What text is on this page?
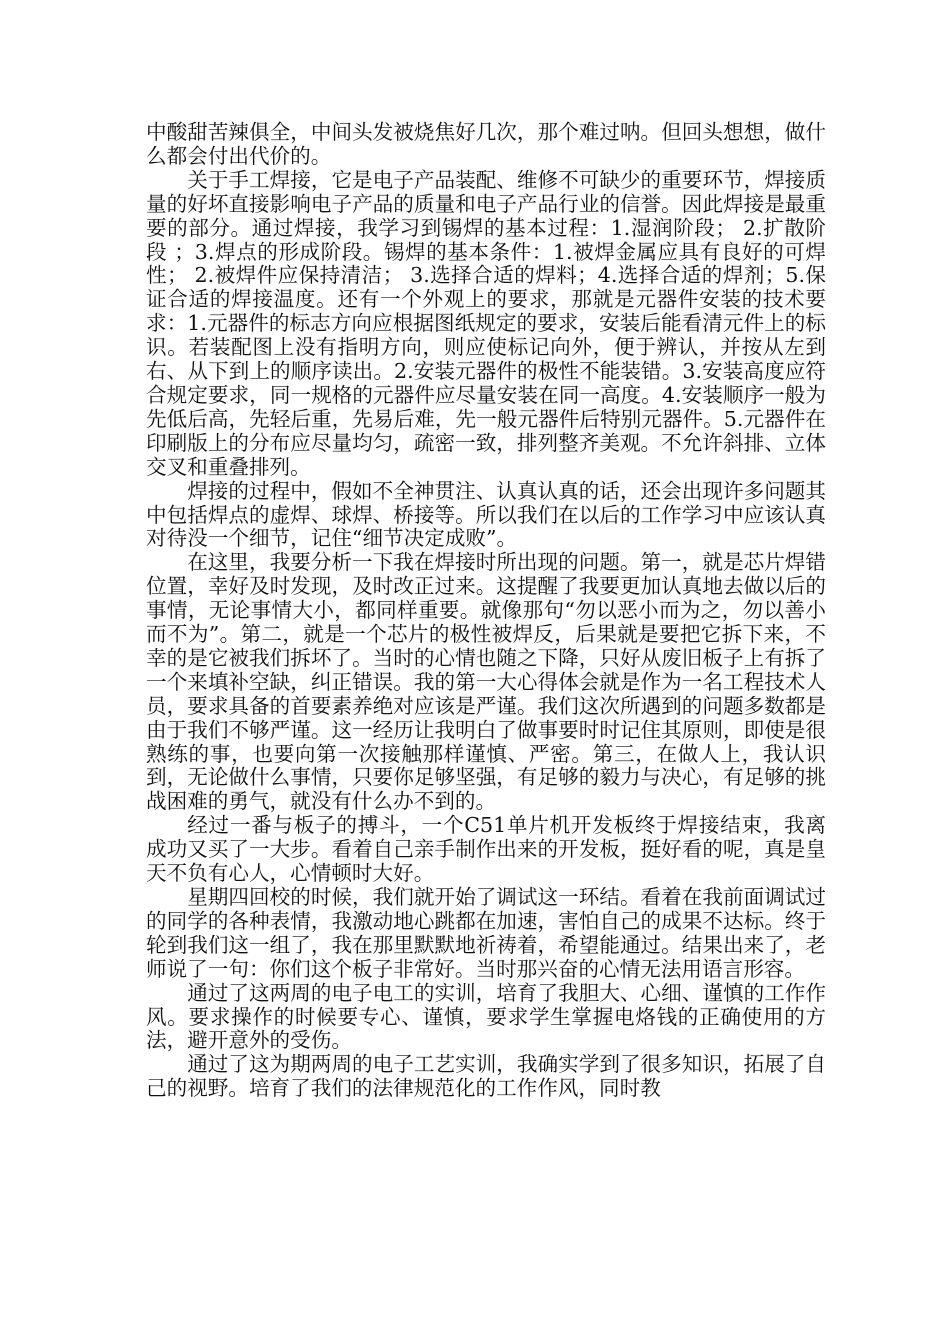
中酸甜苦辣俱全，中间头发被烧焦好几次，那个难过呐。但回头想想，做什么都会付出代价的。

关于手工焊接，它是电子产品装配、维修不可缺少的重要环节，焊接质量的好坏直接影响电子产品的质量和电子产品行业的信誉。因此焊接是最重要的部分。通过焊接，我学习到锡焊的基本过程：1.湿润阶段； 2.扩散阶段 ；3.焊点的形成阶段。锡焊的基本条件：1.被焊金属应具有良好的可焊性； 2.被焊件应保持清洁； 3.选择合适的焊料；4.选择合适的焊剂；5.保证合适的焊接温度。还有一个外观上的要求，那就是元器件安装的技术要求：1.元器件的标志方向应根据图纸规定的要求，安装后能看清元件上的标识。若装配图上没有指明方向，则应使标记向外，便于辨认，并按从左到右、从下到上的顺序读出。2.安装元器件的极性不能装错。3.安装高度应符合规定要求，同一规格的元器件应尽量安装在同一高度。4.安装顺序一般为先低后高，先轻后重，先易后难，先一般元器件后特别元器件。5.元器件在印刷版上的分布应尽量均匀，疏密一致，排列整齐美观。不允许斜排、立体交叉和重叠排列。

焊接的过程中，假如不全神贯注、认真认真的话，还会出现许多问题其中包括焊点的虚焊、球焊、桥接等。所以我们在以后的工作学习中应该认真对待没一个细节，记住“细节决定成败”。

在这里，我要分析一下我在焊接时所出现的问题。第一，就是芯片焊错位置，幸好及时发现，及时改正过来。这提醒了我要更加认真地去做以后的事情，无论事情大小，都同样重要。就像那句“勿以恶小而为之，勿以善小而不为”。第二，就是一个芯片的极性被焊反，后果就是要把它拆下来，不幸的是它被我们拆坏了。当时的心情也随之下降，只好从废旧板子上有拆了一个来填补空缺，纠正错误。我的第一大心得体会就是作为一名工程技术人员，要求具备的首要素养绝对应该是严谨。我们这次所遇到的问题多数都是由于我们不够严谨。这一经历让我明白了做事要时时记住其原则，即使是很熟练的事，也要向第一次接触那样谨慎、严密。第三，在做人上，我认识到，无论做什么事情，只要你足够坚强，有足够的毅力与决心，有足够的挑战困难的勇气，就没有什么办不到的。

经过一番与板子的搏斗，一个C51单片机开发板终于焊接结束，我离成功又买了一大步。看着自己亲手制作出来的开发板，挺好看的呢，真是皇天不负有心人，心情顿时大好。

星期四回校的时候，我们就开始了调试这一环结。看着在我前面调试过的同学的各种表情，我激动地心跳都在加速，害怕自己的成果不达标。终于轮到我们这一组了，我在那里默默地祈祷着，希望能通过。结果出来了，老师说了一句：你们这个板子非常好。当时那兴奋的心情无法用语言形容。

通过了这两周的电子电工的实训，培育了我胆大、心细、谨慎的工作作风。要求操作的时候要专心、谨慎，要求学生掌握电烙钱的正确使用的方法，避开意外的受伤。

通过了这为期两周的电子工艺实训，我确实学到了很多知识，拓展了自己的视野。培育了我们的法律规范化的工作作风，同时教
